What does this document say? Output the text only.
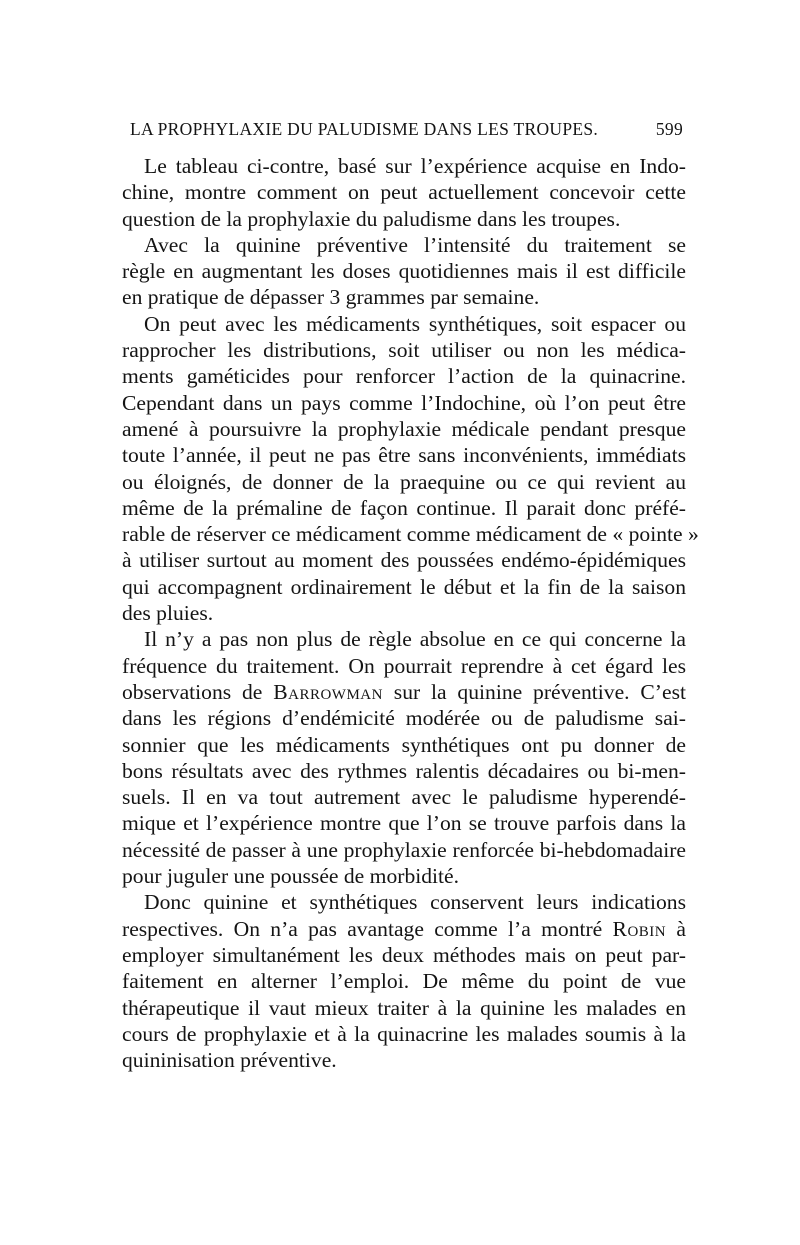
LA PROPHYLAXIE DU PALUDISME DANS LES TROUPES.	599
Le tableau ci-contre, basé sur l’expérience acquise en Indo-
chine, montre comment on peut actuellement concevoir cette
question de la prophylaxie du paludisme dans les troupes.
Avec la quinine préventive l’intensité du traitement se
règle en augmentant les doses quotidiennes mais il est difficile
en pratique de dépasser 3 grammes par semaine.
On peut avec les médicaments synthétiques, soit espacer ou
rapprocher les distributions, soit utiliser ou non les médica-
ments gaméticides pour renforcer l’action de la quinacrine.
Cependant dans un pays comme l’Indochine, où l’on peut être
amené à poursuivre la prophylaxie médicale pendant presque
toute l’année, il peut ne pas être sans inconvénients, immédiats
ou éloignés, de donner de la praequine ou ce qui revient au
même de la prémaline de façon continue. Il parait donc préfé-
rable de réserver ce médicament comme médicament de « pointe »
à utiliser surtout au moment des poussées endémo-épidémiques
qui accompagnent ordinairement le début et la fin de la saison
des pluies.
Il n’y a pas non plus de règle absolue en ce qui concerne la
fréquence du traitement. On pourrait reprendre à cet égard les
observations de Barrowman sur la quinine préventive. C’est
dans les régions d’endémicité modérée ou de paludisme sai-
sonnier que les médicaments synthétiques ont pu donner de
bons résultats avec des rythmes ralentis décadaires ou bi-men-
suels. Il en va tout autrement avec le paludisme hyperendé-
mique et l’expérience montre que l’on se trouve parfois dans la
nécessité de passer à une prophylaxie renforcée bi-hebdomadaire
pour juguler une poussée de morbidité.
Donc quinine et synthétiques conservent leurs indications
respectives. On n’a pas avantage comme l’a montré Robin à
employer simultanément les deux méthodes mais on peut par-
faitement en alterner l’emploi. De même du point de vue
thérapeutique il vaut mieux traiter à la quinine les malades en
cours de prophylaxie et à la quinacrine les malades soumis à la
quininisation préventive.
